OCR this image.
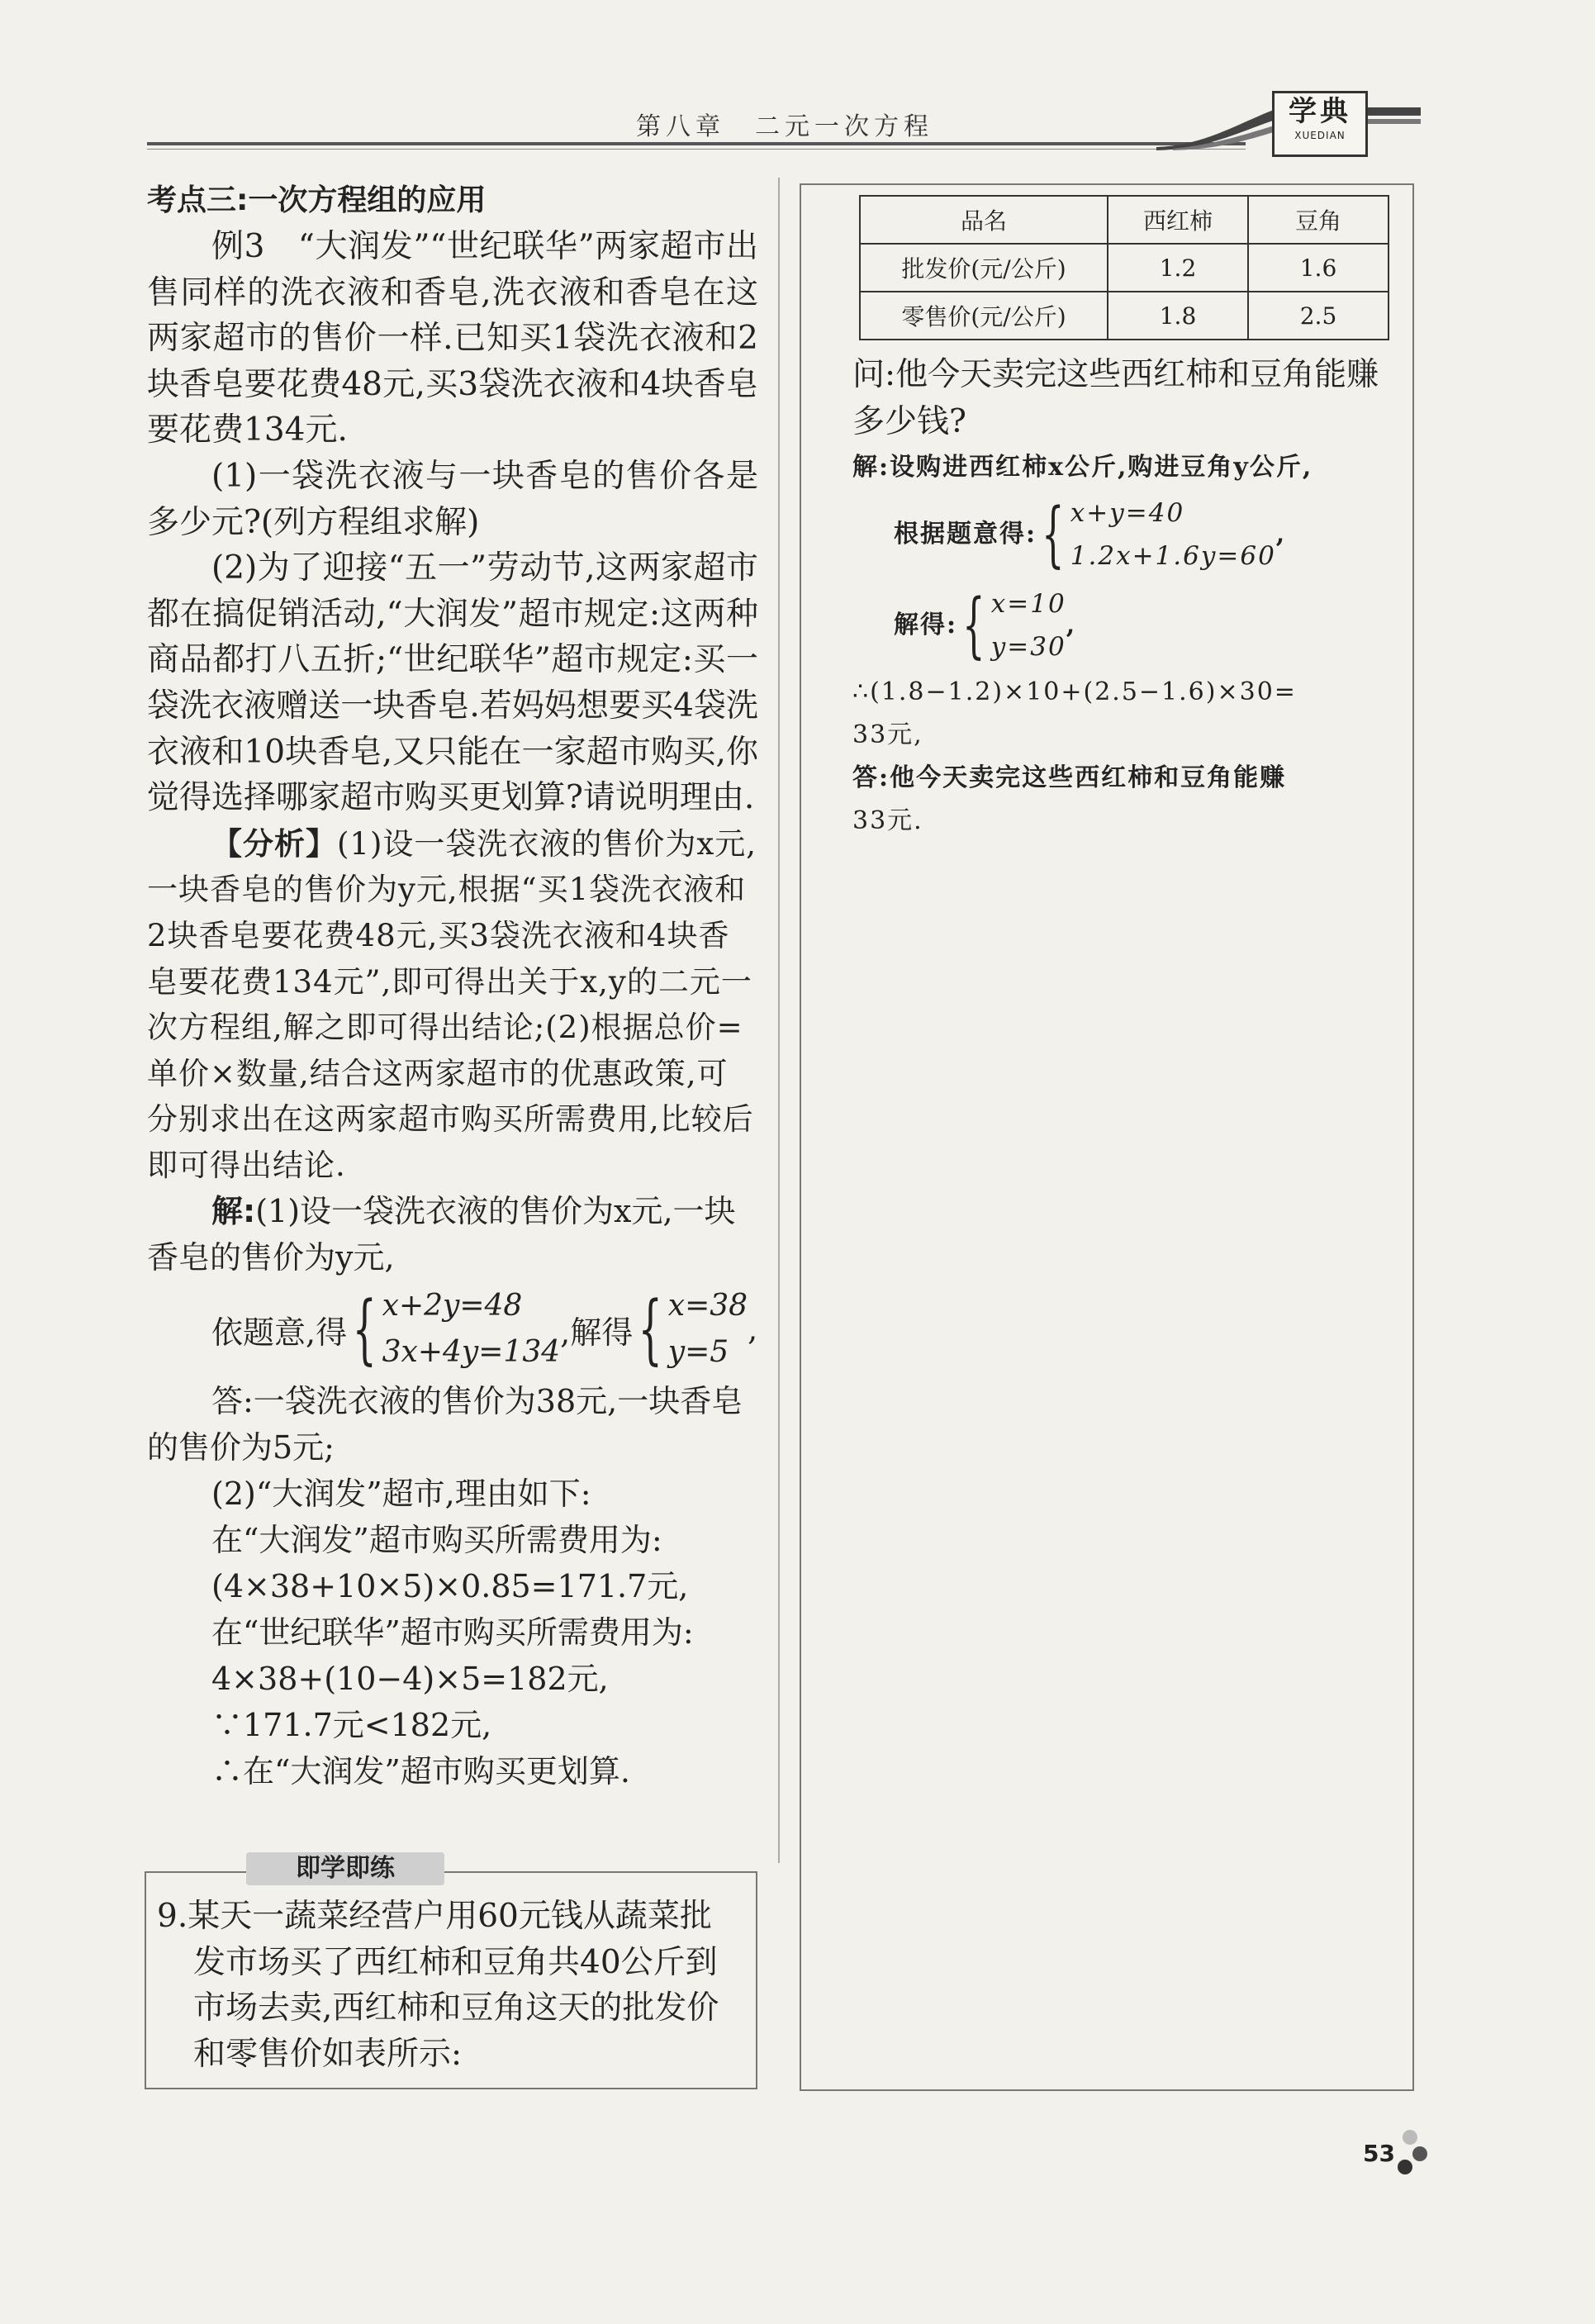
第八章　二元一次方程	学典
XUEDIAN

考点三:一次方程组的应用

例3　“大润发”“世纪联华”两家超市出售同样的洗衣液和香皂,洗衣液和香皂在这两家超市的售价一样.已知买1袋洗衣液和2块香皂要花费48元,买3袋洗衣液和4块香皂要花费134元.

(1)一袋洗衣液与一块香皂的售价各是多少元?(列方程组求解)

(2)为了迎接“五一”劳动节,这两家超市都在搞促销活动,“大润发”超市规定:这两种商品都打八五折;“世纪联华”超市规定:买一袋洗衣液赠送一块香皂.若妈妈想要买4袋洗衣液和10块香皂,又只能在一家超市购买,你觉得选择哪家超市购买更划算?请说明理由.

【分析】(1)设一袋洗衣液的售价为x元,一块香皂的售价为y元,根据“买1袋洗衣液和2块香皂要花费48元,买3袋洗衣液和4块香皂要花费134元”,即可得出关于x,y的二元一次方程组,解之即可得出结论;(2)根据总价=单价×数量,结合这两家超市的优惠政策,可分别求出在这两家超市购买所需费用,比较后即可得出结论.

解:(1)设一袋洗衣液的售价为x元,一块香皂的售价为y元,

依题意,得 { x+2y=48
3x+4y=134
,解得 { x=38
y=5
,

答:一袋洗衣液的售价为38元,一块香皂的售价为5元;

(2)“大润发”超市,理由如下:

在“大润发”超市购买所需费用为:

(4×38+10×5)×0.85=171.7元,

在“世纪联华”超市购买所需费用为:

4×38+(10−4)×5=182元,

∵171.7元<182元,

∴在“大润发”超市购买更划算.

即学即练

9.某天一蔬菜经营户用60元钱从蔬菜批发市场买了西红柿和豆角共40公斤到市场去卖,西红柿和豆角这天的批发价和零售价如表所示:

品名	西红柿	豆角
批发价(元/公斤)	1.2	1.6
零售价(元/公斤)	1.8	2.5

问:他今天卖完这些西红柿和豆角能赚多少钱?

解:设购进西红柿x公斤,购进豆角y公斤,

根据题意得: { x+y=40
1.2x+1.6y=60
,
解得: { x=10
y=30
,

∴(1.8−1.2)×10+(2.5−1.6)×30=

33元,

答:他今天卖完这些西红柿和豆角能赚

33元.

53
